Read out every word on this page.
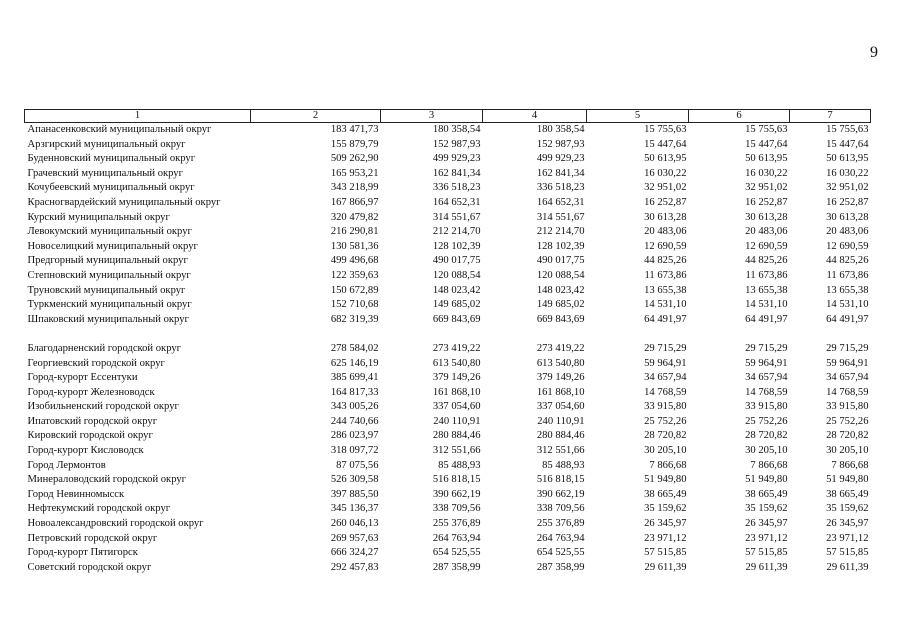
9
1	2	3	4	5	6	7
Апанасенковский муниципальный округ	183 471,73	180 358,54	180 358,54	15 755,63	15 755,63	15 755,63
Арзгирский муниципальный округ	155 879,79	152 987,93	152 987,93	15 447,64	15 447,64	15 447,64
Буденновский муниципальный округ	509 262,90	499 929,23	499 929,23	50 613,95	50 613,95	50 613,95
Грачевский муниципальный округ	165 953,21	162 841,34	162 841,34	16 030,22	16 030,22	16 030,22
Кочубеевский муниципальный округ	343 218,99	336 518,23	336 518,23	32 951,02	32 951,02	32 951,02
Красногвардейский муниципальный округ	167 866,97	164 652,31	164 652,31	16 252,87	16 252,87	16 252,87
Курский муниципальный округ	320 479,82	314 551,67	314 551,67	30 613,28	30 613,28	30 613,28
Левокумский муниципальный округ	216 290,81	212 214,70	212 214,70	20 483,06	20 483,06	20 483,06
Новоселицкий муниципальный округ	130 581,36	128 102,39	128 102,39	12 690,59	12 690,59	12 690,59
Предгорный муниципальный округ	499 496,68	490 017,75	490 017,75	44 825,26	44 825,26	44 825,26
Степновский муниципальный округ	122 359,63	120 088,54	120 088,54	11 673,86	11 673,86	11 673,86
Труновский муниципальный округ	150 672,89	148 023,42	148 023,42	13 655,38	13 655,38	13 655,38
Туркменский муниципальный округ	152 710,68	149 685,02	149 685,02	14 531,10	14 531,10	14 531,10
Шпаковский муниципальный округ	682 319,39	669 843,69	669 843,69	64 491,97	64 491,97	64 491,97

Благодарненский городской округ	278 584,02	273 419,22	273 419,22	29 715,29	29 715,29	29 715,29
Георгиевский городской округ	625 146,19	613 540,80	613 540,80	59 964,91	59 964,91	59 964,91
Город-курорт Ессентуки	385 699,41	379 149,26	379 149,26	34 657,94	34 657,94	34 657,94
Город-курорт Железноводск	164 817,33	161 868,10	161 868,10	14 768,59	14 768,59	14 768,59
Изобильненский городской округ	343 005,26	337 054,60	337 054,60	33 915,80	33 915,80	33 915,80
Ипатовский городской округ	244 740,66	240 110,91	240 110,91	25 752,26	25 752,26	25 752,26
Кировский городской округ	286 023,97	280 884,46	280 884,46	28 720,82	28 720,82	28 720,82
Город-курорт Кисловодск	318 097,72	312 551,66	312 551,66	30 205,10	30 205,10	30 205,10
Город Лермонтов	87 075,56	85 488,93	85 488,93	7 866,68	7 866,68	7 866,68
Минераловодский городской округ	526 309,58	516 818,15	516 818,15	51 949,80	51 949,80	51 949,80
Город Невинномысск	397 885,50	390 662,19	390 662,19	38 665,49	38 665,49	38 665,49
Нефтекумский городской округ	345 136,37	338 709,56	338 709,56	35 159,62	35 159,62	35 159,62
Новоалександровский городской округ	260 046,13	255 376,89	255 376,89	26 345,97	26 345,97	26 345,97
Петровский городской округ	269 957,63	264 763,94	264 763,94	23 971,12	23 971,12	23 971,12
Город-курорт Пятигорск	666 324,27	654 525,55	654 525,55	57 515,85	57 515,85	57 515,85
Советский городской округ	292 457,83	287 358,99	287 358,99	29 611,39	29 611,39	29 611,39
